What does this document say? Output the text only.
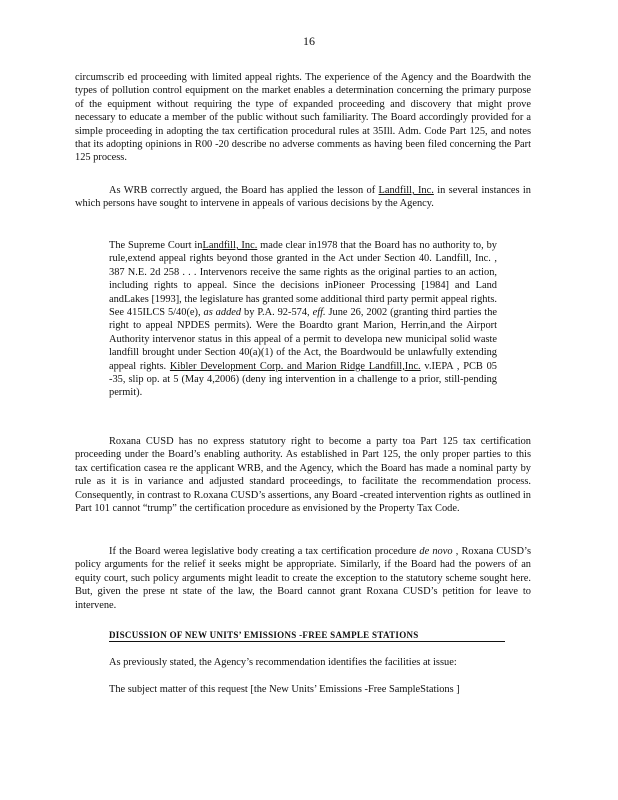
16

circumscrib ed proceeding with limited appeal rights. The experience of the Agency and the Boardwith the types of pollution control equipment on the market enables a determination concerning the primary purpose of the equipment without requiring the type of expanded proceeding and discovery that might prove necessary to educate a member of the public without such familiarity. The Board accordingly provided for a simple proceeding in adopting the tax certification procedural rules at 35Ill. Adm. Code Part 125, and notes that its adopting opinions in R00 -20 describe no adverse comments as having been filed concerning the Part 125 process.

As WRB correctly argued, the Board has applied the lesson of Landfill, Inc. in several instances in which persons have sought to intervene in appeals of various decisions by the Agency.

The Supreme Court inLandfill, Inc. made clear in1978 that the Board has no authority to, by rule,extend appeal rights beyond those granted in the Act under Section 40. Landfill, Inc. , 387 N.E. 2d 258 . . . Intervenors receive the same rights as the original parties to an action, including rights to appeal. Since the decisions inPioneer Processing [1984] and Land andLakes [1993], the legislature has granted some additional third party permit appeal rights. See 415ILCS 5/40(e), as added by P.A. 92-574, eff. June 26, 2002 (granting third parties the right to appeal NPDES permits). Were the Boardto grant Marion, Herrin,and the Airport Authority intervenor status in this appeal of a permit to developa new municipal solid waste landfill brought under Section 40(a)(1) of the Act, the Boardwould be unlawfully extending appeal rights. Kibler Development Corp. and Marion Ridge Landfill,Inc. v.IEPA , PCB 05 -35, slip op. at 5 (May 4,2006) (deny ing intervention in a challenge to a prior, still-pending permit).

Roxana CUSD has no express statutory right to become a party toa Part 125 tax certification proceeding under the Board’s enabling authority. As established in Part 125, the only proper parties to this tax certification casea re the applicant WRB, and the Agency, which the Board has made a nominal party by rule as it is in variance and adjusted standard proceedings, to facilitate the recommendation process. Consequently, in contrast to R.oxana CUSD’s assertions, any Board -created intervention rights as outlined in Part 101 cannot “trump” the certification procedure as envisioned by the Property Tax Code.

If the Board werea legislative body creating a tax certification procedure de novo , Roxana CUSD’s policy arguments for the relief it seeks might be appropriate. Similarly, if the Board had the powers of an equity court, such policy arguments might leadit to create the exception to the statutory scheme sought here. But, given the prese nt state of the law, the Board cannot grant Roxana CUSD’s petition for leave to intervene.

DISCUSSION OF NEW UNITS’ EMISSIONS -FREE SAMPLE STATIONS

As previously stated, the Agency’s recommendation identifies the facilities at issue:

The subject matter of this request [the New Units’ Emissions -Free SampleStations ]
